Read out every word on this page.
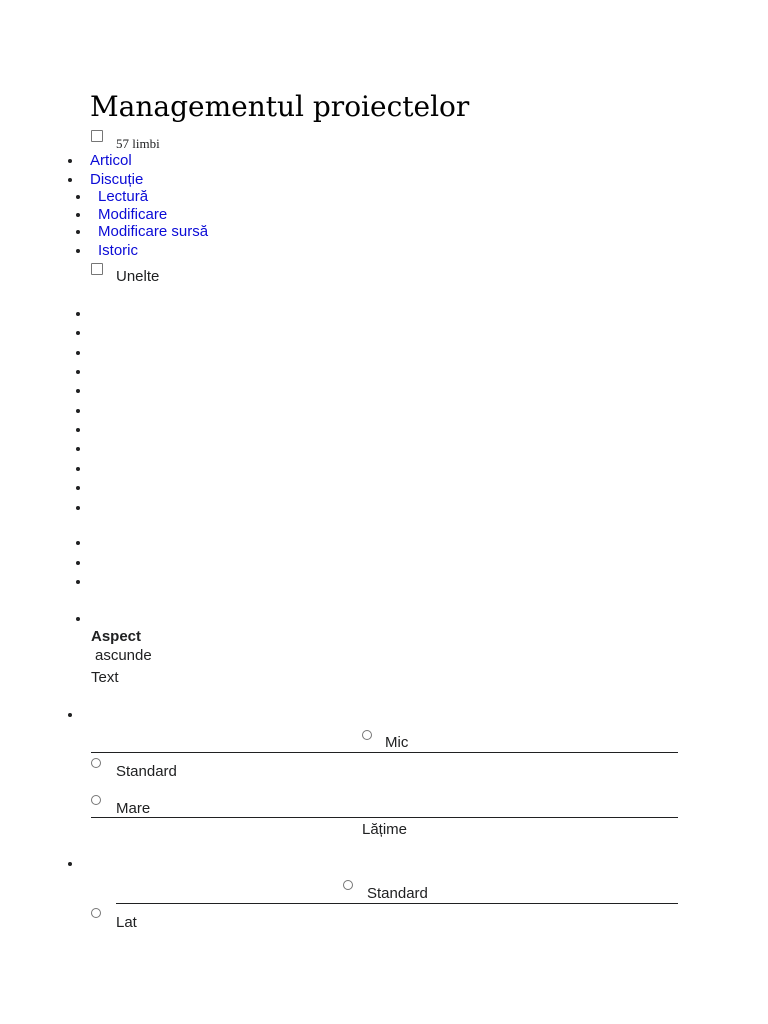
Managementul proiectelor
57 limbi
Articol
Discuție
Lectură
Modificare
Modificare sursă
Istoric
Unelte
Aspect
ascunde
Text
Mic
Standard
Mare
Lățime
Standard
Lat
